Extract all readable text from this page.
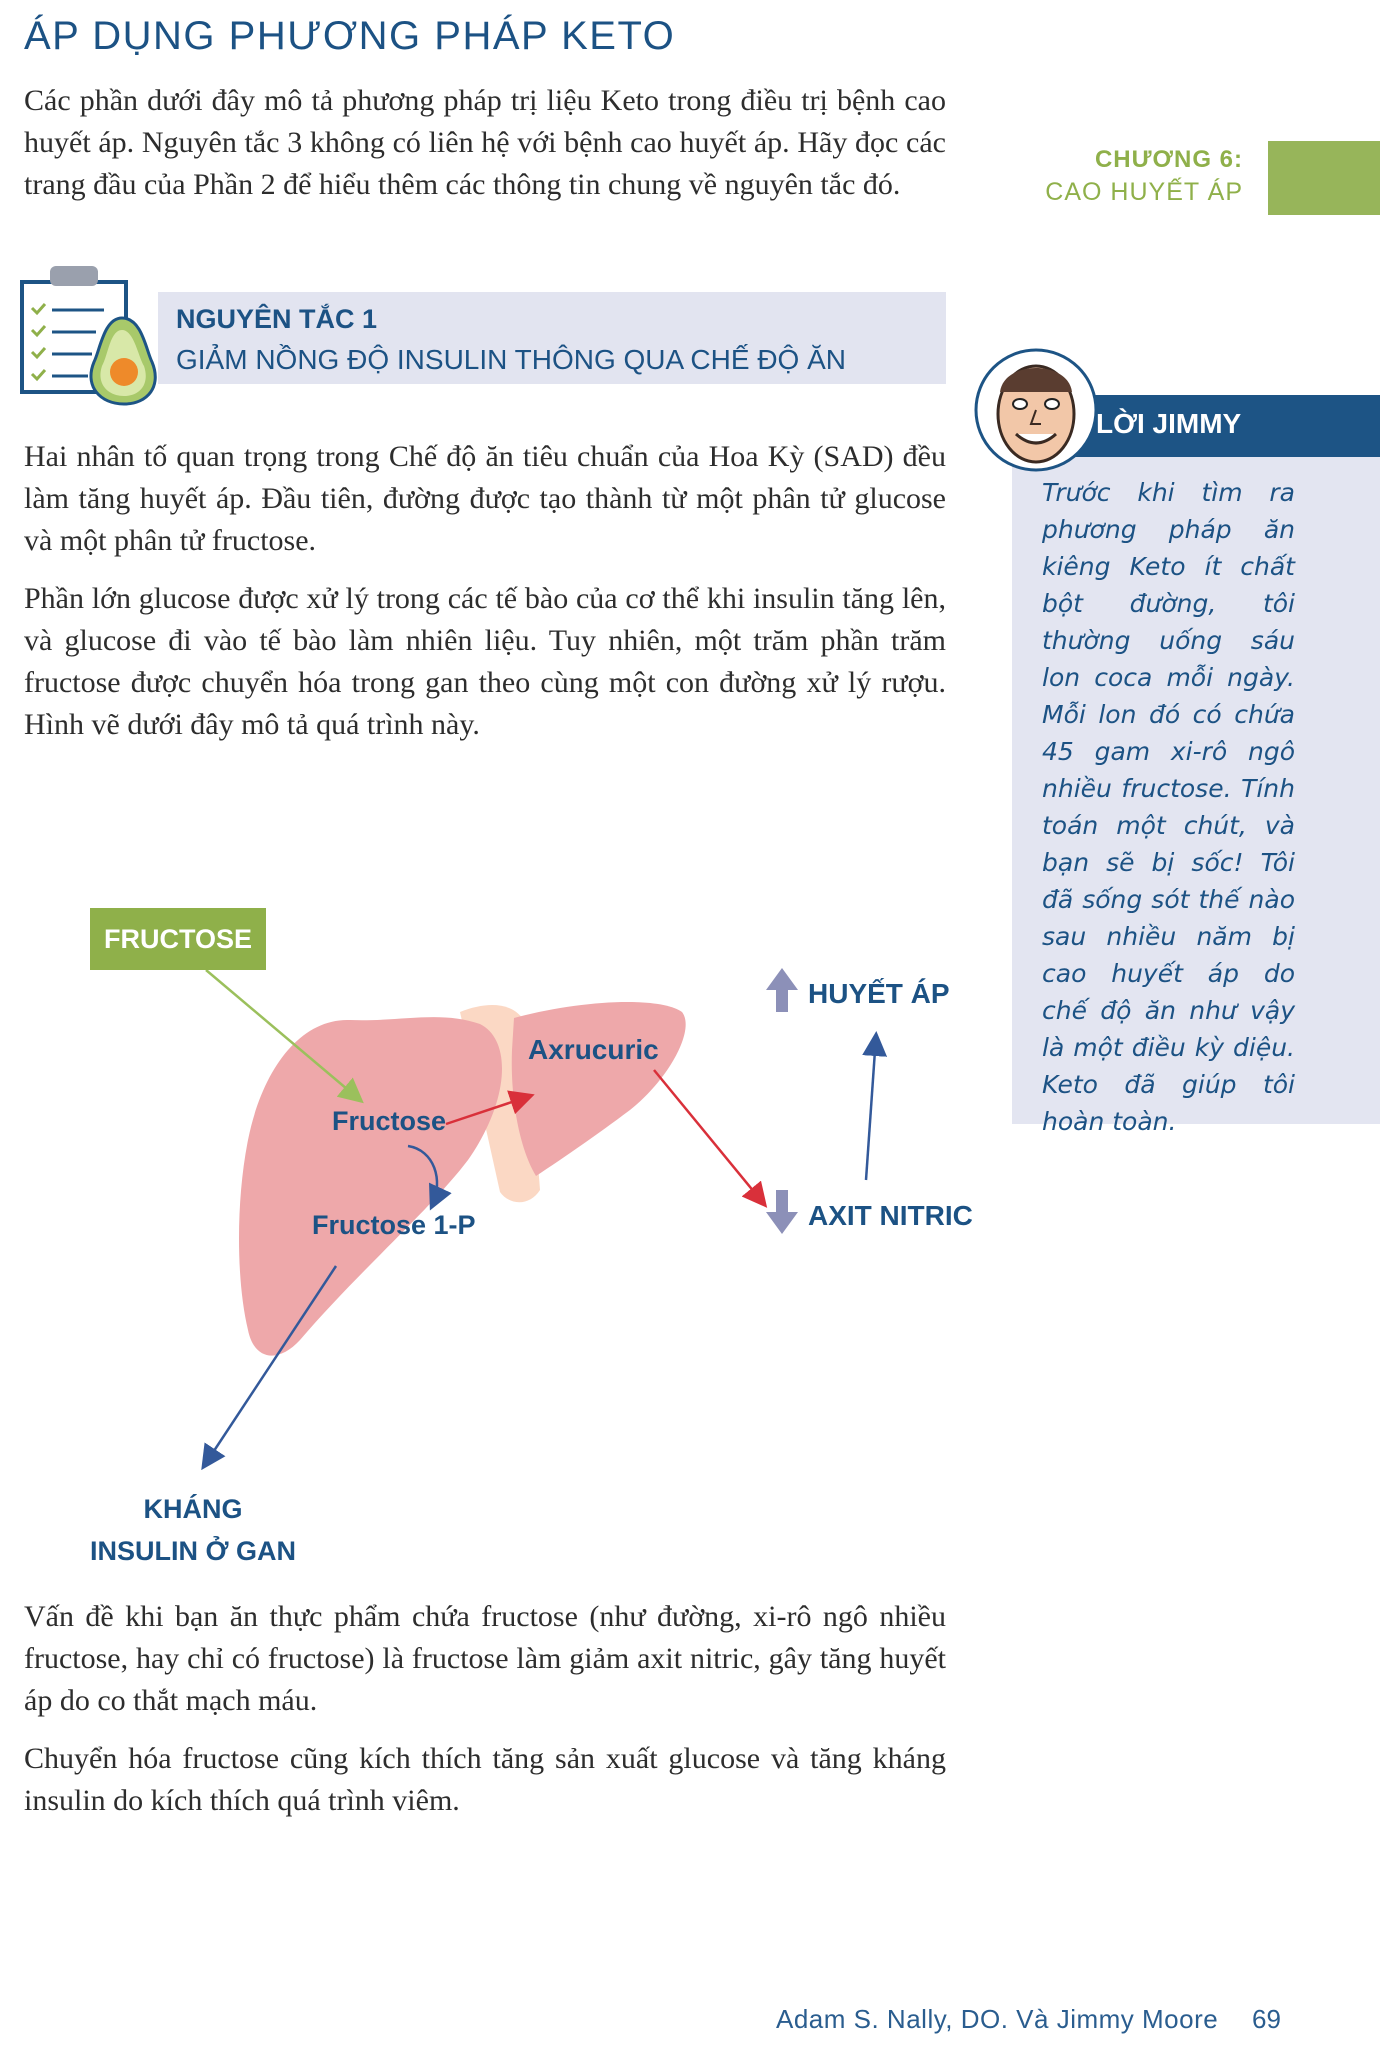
ÁP DỤNG PHƯƠNG PHÁP KETO

Các phần dưới đây mô tả phương pháp trị liệu Keto trong điều trị bệnh cao huyết áp. Nguyên tắc 3 không có liên hệ với bệnh cao huyết áp. Hãy đọc các trang đầu của Phần 2 để hiểu thêm các thông tin chung về nguyên tắc đó.

CHƯƠNG 6:
CAO HUYẾT ÁP
NGUYÊN TẮC 1
GIẢM NỒNG ĐỘ INSULIN THÔNG QUA CHẾ ĐỘ ĂN

Hai nhân tố quan trọng trong Chế độ ăn tiêu chuẩn của Hoa Kỳ (SAD) đều làm tăng huyết áp. Đầu tiên, đường được tạo thành từ một phân tử glucose và một phân tử fructose.

Phần lớn glucose được xử lý trong các tế bào của cơ thể khi insulin tăng lên, và glucose đi vào tế bào làm nhiên liệu. Tuy nhiên, một trăm phần trăm fructose được chuyển hóa trong gan theo cùng một con đường xử lý rượu. Hình vẽ dưới đây mô tả quá trình này.

LỜI JIMMY

Trước khi tìm ra phương pháp ăn kiêng Keto ít chất bột đường, tôi thường uống sáu lon coca mỗi ngày. Mỗi lon đó có chứa 45 gam xi-rô ngô nhiều fructose. Tính toán một chút, và bạn sẽ bị sốc! Tôi đã sống sót thế nào sau nhiều năm bị cao huyết áp do chế độ ăn như vậy là một điều kỳ diệu. Keto đã giúp tôi hoàn toàn.

FRUCTOSE
Fructose
Fructose 1-P
Axrucuric
HUYẾT ÁP
AXIT NITRIC
KHÁNG
INSULIN Ở GAN

Vấn đề khi bạn ăn thực phẩm chứa fructose (như đường, xi-rô ngô nhiều fructose, hay chỉ có fructose) là fructose làm giảm axit nitric, gây tăng huyết áp do co thắt mạch máu.

Chuyển hóa fructose cũng kích thích tăng sản xuất glucose và tăng kháng insulin do kích thích quá trình viêm.

Adam S. Nally, DO. Và Jimmy Moore 69
